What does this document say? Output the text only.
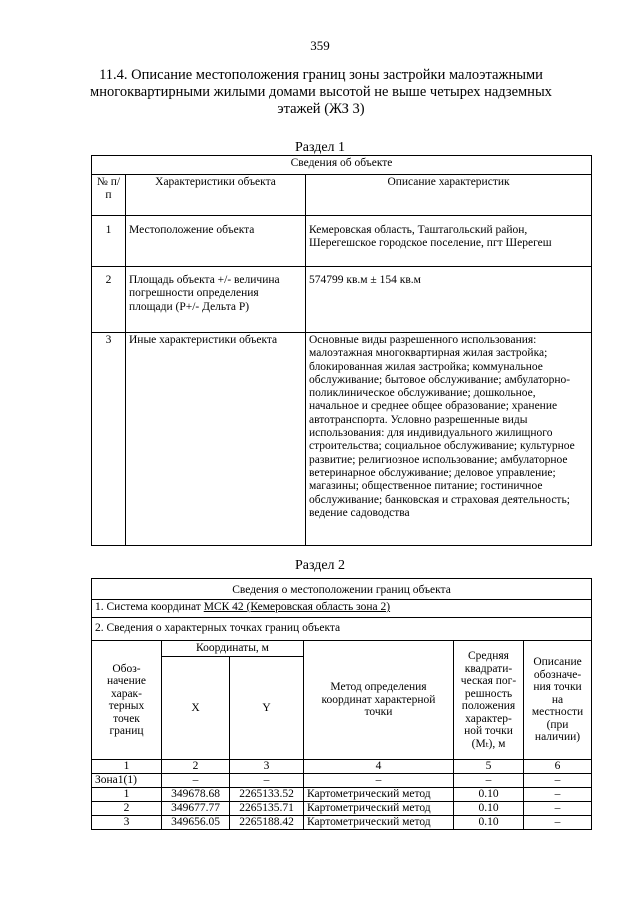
359
11.4. Описание местоположения границ зоны застройки малоэтажными многоквартирными жилыми домами высотой не выше четырех надземных этажей (ЖЗ 3)
Раздел 1
Сведения об объекте		
№ п/п	Характеристики объекта	Описание характеристик
1	Местоположение объекта	Кемеровская область, Таштагольский район, Шерегешское городское поселение, пгт Шерегеш
2	Площадь объекта +/- величина погрешности определения площади (Р+/- Дельта Р)	574799 кв.м ± 154 кв.м
3	Иные характеристики объекта	Основные виды разрешенного использования: малоэтажная многоквартирная жилая застройка; блокированная жилая застройка; коммунальное обслуживание; бытовое обслуживание; амбулаторно-поликлиническое обслуживание; дошкольное, начальное и среднее общее образование; хранение автотранспорта. Условно разрешенные виды использования: для индивидуального жилищного строительства; социальное обслуживание; культурное развитие; религиозное использование; амбулаторное ветеринарное обслуживание; деловое управление; магазины; общественное питание; гостиничное обслуживание; банковская и страховая деятельность; ведение садоводства
Раздел 2
Сведения о местоположении границ объекта					
1. Система координат МСК 42 (Кемеровская область зона 2)					
2. Сведения о характерных точках границ объекта					
Обоз- начение харак- терных точек границ	Координаты, м		Метод определения координат характерной точки	Средняя квадрати- ческая пог- решность положения характер- ной точки (Mₜ), м	Описание обозначе- ния точки на местности (при наличии)
	X	Y			
1	2	3	4	5	6
Зона1(1)	–	–	–	–	–
1	349678.68	2265133.52	Картометрический метод	0.10	–
2	349677.77	2265135.71	Картометрический метод	0.10	–
3	349656.05	2265188.42	Картометрический метод	0.10	–
